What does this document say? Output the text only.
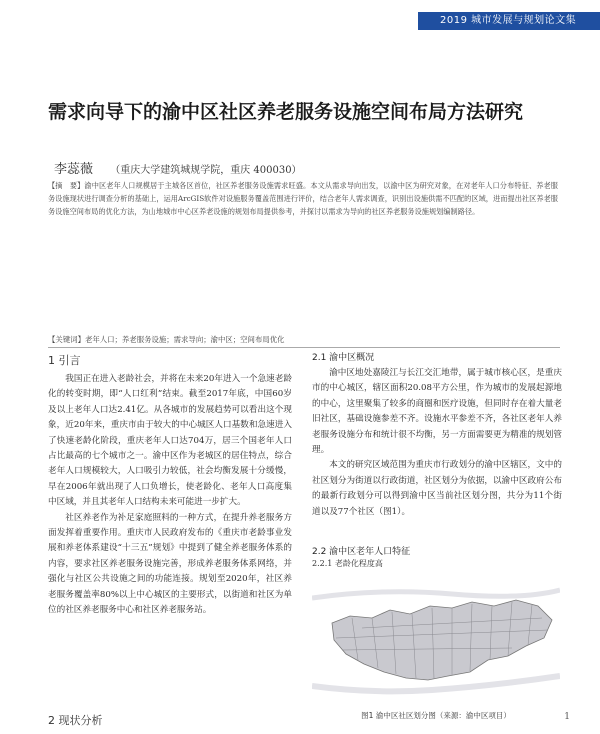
2019 城市发展与规划论文集
需求向导下的渝中区社区养老服务设施空间布局方法研究
李蕊薇 （重庆大学建筑城规学院，重庆 400030）
【摘　要】渝中区老年人口规模居于主城各区首位，社区养老服务设施需求旺盛。本文从需求导向出发，以渝中区为研究对象，在对老年人口分布特征、养老服务设施现状进行调查分析的基础上，运用ArcGIS软件对设施服务覆盖范围进行评价，结合老年人需求调查，识别出设施供需不匹配的区域，进而提出社区养老服务设施空间布局的优化方法，为山地城市中心区养老设施的规划布局提供参考，并探讨以需求为导向的社区养老服务设施规划编制路径。
【关键词】老年人口；养老服务设施；需求导向；渝中区；空间布局优化
1 引言

我国正在进入老龄社会，并将在未来20年进入一个急速老龄化的转变时期，即“人口红利”结束。截至2017年底，中国60岁及以上老年人口达2.41亿。从各城市的发展趋势可以看出这个现象，近20年来，重庆市由于较大的中心城区人口基数和急速进入了快速老龄化阶段，重庆老年人口达704万，居三个国老年人口占比最高的七个城市之一。渝中区作为老城区的居住特点，综合老年人口规模较大，人口吸引力较低，社会均衡发展十分缓慢，早在2006年就出现了人口负增长，使老龄化、老年人口高度集中区域，并且其老年人口结构未来可能进一步扩大。

社区养老作为补足家庭照料的一种方式，在提升养老服务方面发挥着重要作用。重庆市人民政府发布的《重庆市老龄事业发展和养老体系建设“十三五”规划》中提到了健全养老服务体系的内容，要求社区养老服务设施完善，形成养老服务体系网络，并强化与社区公共设施之间的功能连接。规划至2020年，社区养老服务覆盖率80%以上中心城区的主要形式，以街道和社区为单位的社区养老服务中心和社区养老服务站。

2 现状分析
2.1 渝中区概况

渝中区地处嘉陵江与长江交汇地带，属于城市核心区，是重庆市的中心城区，辖区面积20.08平方公里，作为城市的发展起源地的中心，这里聚集了较多的商圈和医疗设施，但同时存在着大量老旧社区，基础设施参差不齐。设施水平参差不齐，各社区老年人养老服务设施分布和统计很不均衡，另一方面需要更为精准的规划管理。

本文的研究区域范围为重庆市行政划分的渝中区辖区，文中的社区划分为街道以行政街道，社区划分为依据，以渝中区政府公布的最新行政划分可以得到渝中区当前社区划分图，共分为11个街道以及77个社区（图1）。

2.2 渝中区老年人口特征
2.2.1 老龄化程度高
图1 渝中区社区划分图（来源：渝中区项目）	1
